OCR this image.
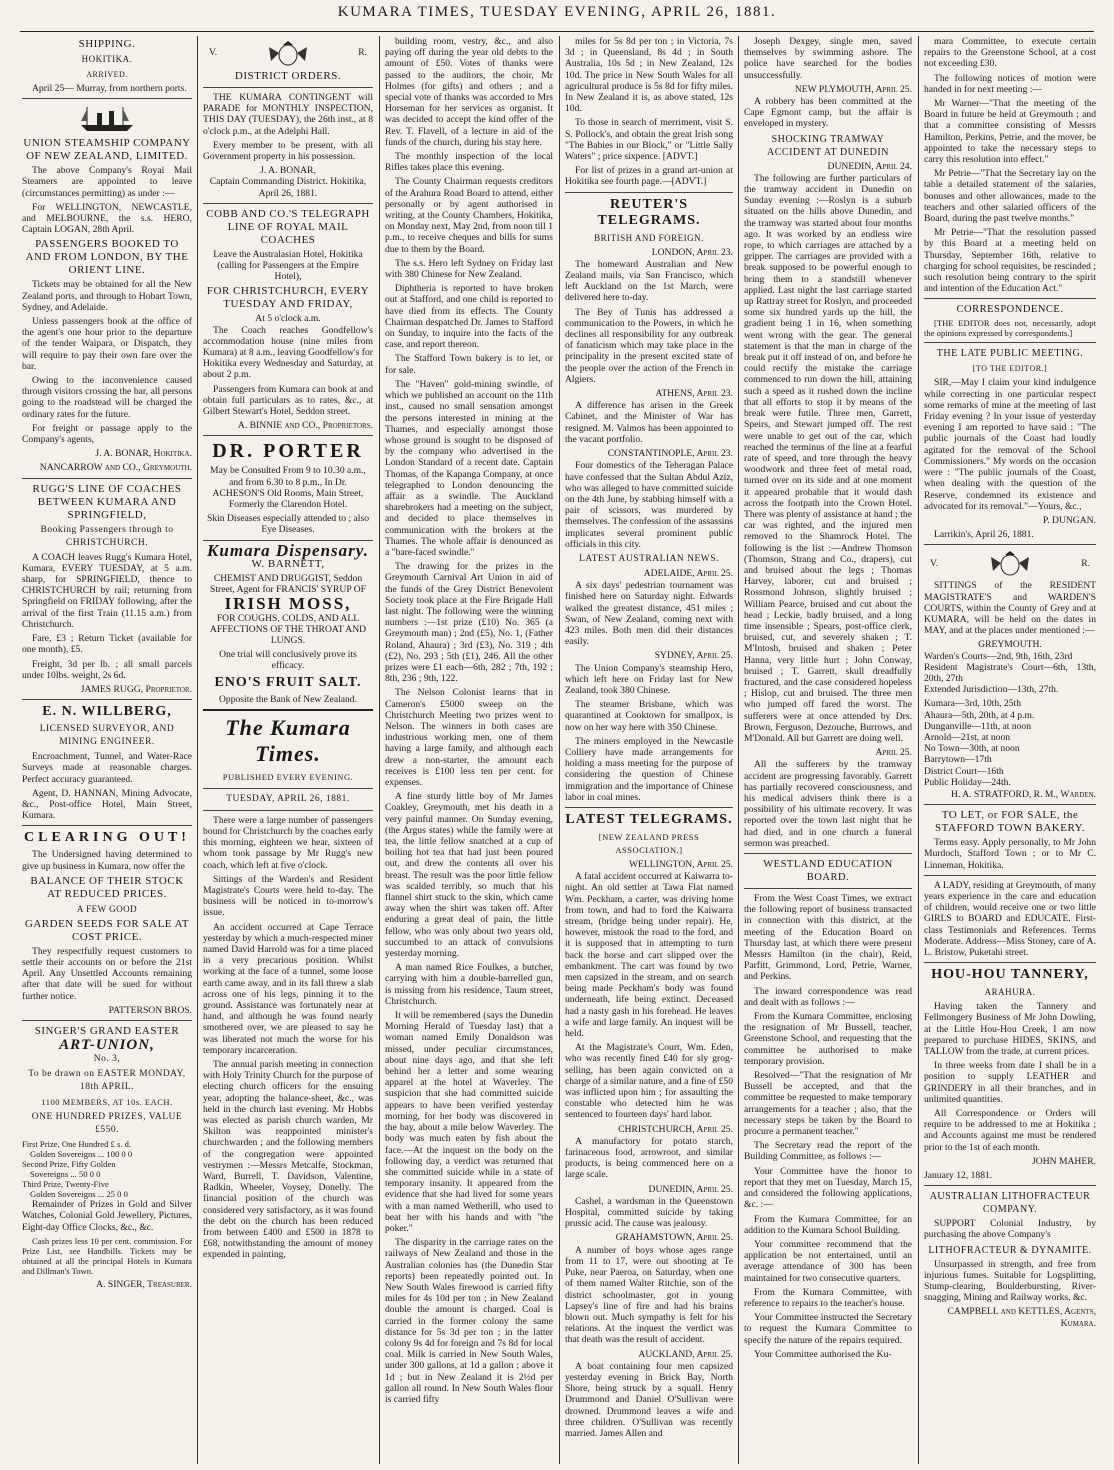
KUMARA TIMES, TUESDAY EVENING, APRIL 26, 1881.
SHIPPING.
HOKITIKA.
ARRIVED.

April 25— Murray, from northern ports.

UNION STEAMSHIP COMPANY OF NEW ZEALAND, LIMITED.

The above Company's Royal Mail Steamers are appointed to leave (circumstances permitting) as under :—

For WELLINGTON, NEWCASTLE, and MELBOURNE, the s.s. HERO, Captain LOGAN, 28th April.

PASSENGERS BOOKED TO AND FROM LONDON, BY THE ORIENT LINE.

Tickets may be obtained for all the New Zealand ports, and through to Hobart Town, Sydney, and Adelaide.

Unless passengers book at the office of the agent's one hour prior to the departure of the tender Waipara, or Dispatch, they will require to pay their own fare over the bar.

Owing to the inconvenience caused through visitors crossing the bar, all persons going to the roadstead will be charged the ordinary rates for the future.

For freight or passage apply to the Company's agents,

J. A. BONAR, Hokitika.
NANCARROW and CO., Greymouth.
RUGG'S LINE OF COACHES BETWEEN KUMARA AND SPRINGFIELD,
Booking Passengers through to CHRISTCHURCH.

A COACH leaves Rugg's Kumara Hotel, Kumara, EVERY TUESDAY, at 5 a.m. sharp, for SPRINGFIELD, thence to CHRISTCHURCH by rail; returning from Springfield on FRIDAY following, after the arrival of the first Train (11.15 a.m.) from Christchurch.

Fare, £3 ; Return Ticket (available for one month), £5.

Freight, 3d per lb. ; all small parcels under 10lbs. weight, 2s 6d.

JAMES RUGG, Proprietor.
E. N. WILLBERG,
LICENSED SURVEYOR, AND MINING ENGINEER.

Encroachment, Tunnel, and Water-Race Surveys made at reasonable charges. Perfect accuracy guaranteed.

Agent, D. HANNAN, Mining Advocate, &c., Post-office Hotel, Main Street, Kumara.

CLEARING OUT!

The Undersigned having determined to give up business in Kumara, now offer the

BALANCE OF THEIR STOCK AT REDUCED PRICES.
A FEW GOOD
GARDEN SEEDS FOR SALE AT COST PRICE.

They respectfully request customers to settle their accounts on or before the 21st April. Any Unsettled Accounts remaining after that date will be sued for without further notice.

PATTERSON BROS.
SINGER'S GRAND EASTER
ART-UNION,
No. 3,
To be drawn on EASTER MONDAY, 18th APRIL.
1100 MEMBERS, AT 10s. EACH.
ONE HUNDRED PRIZES, VALUE £550.
First Prize, One Hundred £ s. d.
Golden Sovereigns ... 100 0 0
Second Prize, Fifty Golden
Sovereigns ... 50 0 0
Third Prize, Twenty-Five
Golden Sovereigns ... 25 0 0

Remainder of Prizes in Gold and Silver Watches, Colonial Gold Jewellery, Pictures, Eight-day Office Clocks, &c., &c.

Cash prizes less 10 per cent. commission. For Prize List, see Handbills. Tickets may be obtained at all the principal Hotels in Kumara and Dillman's Town.

A. SINGER, Treasurer.
V.	R.
DISTRICT ORDERS.

THE KUMARA CONTINGENT will PARADE for MONTHLY INSPECTION, THIS DAY (TUESDAY), the 26th inst., at 8 o'clock p.m., at the Adelphi Hall.

Every member to be present, with all Government property in his possession.

J. A. BONAR,
Captain Commanding District. Hokitika, April 26, 1881.
COBB AND CO.'S TELEGRAPH LINE OF ROYAL MAIL COACHES

Leave the Australasian Hotel, Hokitika (calling for Passengers at the Empire Hotel),

FOR CHRISTCHURCH, EVERY TUESDAY AND FRIDAY,
At 5 o'clock a.m.

The Coach reaches Goodfellow's accommodation house (nine miles from Kumara) at 8 a.m., leaving Goodfellow's for Hokitika every Wednesday and Saturday, at about 2 p.m.

Passengers from Kumara can book at and obtain full particulars as to rates, &c., at Gilbert Stewart's Hotel, Seddon street.

A. BINNIE and CO., Proprietors.
DR. PORTER

May be Consulted From 9 to 10.30 a.m., and from 6.30 to 8 p.m., In Dr. ACHESON'S Old Rooms, Main Street, Formerly the Clarendon Hotel.

Skin Diseases especially attended to ; also Eye Diseases.

Kumara Dispensary.
W. BARNETT,

CHEMIST AND DRUGGIST, Seddon Street, Agent for FRANCIS' SYRUP OF

IRISH MOSS,

FOR COUGHS, COLDS, AND ALL AFFECTIONS OF THE THROAT AND LUNGS.

One trial will conclusively prove its efficacy.

ENO'S FRUIT SALT.

Opposite the Bank of New Zealand.

The Kumara Times.
PUBLISHED EVERY EVENING.
TUESDAY, APRIL 26, 1881.

There were a large number of passengers bound for Christchurch by the coaches early this morning, eighteen we hear, sixteen of whom took passage by Mr Rugg's new coach, which left at five o'clock.

Sittings of the Warden's and Resident Magistrate's Courts were held to-day. The business will be noticed in to-morrow's issue.

An accident occurred at Cape Terrace yesterday by which a much-respected miner named David Harrold was for a time placed in a very precarious position. Whilst working at the face of a tunnel, some loose earth came away, and in its fall threw a slab across one of his legs, pinning it to the ground. Assistance was fortunately near at hand, and although he was found nearly smothered over, we are pleased to say he was liberated not much the worse for his temporary incarceration.

The annual parish meeting in connection with Holy Trinity Church for the purpose of electing church officers for the ensuing year, adopting the balance-sheet, &c., was held in the church last evening. Mr Hobbs was elected as parish church warden, Mr Skilton was reappointed minister's churchwarden ; and the following members of the congregation were appointed vestrymen :—Messrs Metcalfe, Stockman, Ward, Burrell, T. Davidson, Valentine, Radkin, Wheeler, Voysey, Donelly. The financial position of the church was considered very satisfactory, as it was found the debt on the church has been reduced from between £400 and £500 in 1878 to £68, notwithstanding the amount of money expended in painting,

building room, vestry, &c., and also paying off during the year old debts to the amount of £50. Votes of thanks were passed to the auditors, the choir, Mr Holmes (for gifts) and others ; and a special vote of thanks was accorded to Mrs Horseman for her services as organist. It was decided to accept the kind offer of the Rev. T. Flavell, of a lecture in aid of the funds of the church, during his stay here.

The monthly inspection of the local Rifles takes place this evening.

The County Chairman requests creditors of the Arahura Road Board to attend, either personally or by agent authorised in writing, at the County Chambers, Hokitika, on Monday next, May 2nd, from noon till 1 p.m., to receive cheques and bills for sums due to them by the Board.

The s.s. Hero left Sydney on Friday last with 380 Chinese for New Zealand.

Diphtheria is reported to have broken out at Stafford, and one child is reported to have died from its effects. The County Chairman despatched Dr. James to Stafford on Sunday, to inquire into the facts of the case, and report thereon.

The Stafford Town bakery is to let, or for sale.

The "Haven" gold-mining swindle, of which we published an account on the 11th inst., caused no small sensation amongst the persons interested in mining at the Thames, and especially amongst those whose ground is sought to be disposed of by the company who advertised in the London Standard of a recent date. Captain Thomas, of the Kapanga Company, at once telegraphed to London denouncing the affair as a swindle. The Auckland sharebrokers had a meeting on the subject, and decided to place themselves in communication with the brokers at the Thames. The whole affair is denounced as a "bare-faced swindle."

The drawing for the prizes in the Greymouth Carnival Art Union in aid of the funds of the Grey District Benevolent Society took place at the Fire Brigade Hall last night. The following were the winning numbers :—1st prize (£10) No. 365 (a Greymouth man) ; 2nd (£5), No. 1, (Father Roland, Ahaura) ; 3rd (£3), No. 319 ; 4th (£2), No. 293 ; 5th (£1), 246. All the other prizes were £1 each—6th, 282 ; 7th, 192 ; 8th, 236 ; 9th, 122.

The Nelson Colonist learns that in Cameron's £5000 sweep on the Christchurch Meeting two prizes went to Nelson. The winners in both cases are industrious working men, one of them having a large family, and although each drew a non-starter, the amount each receives is £100 less ten per cent. for expenses.

A fine sturdy little boy of Mr James Coakley, Greymouth, met his death in a very painful manner. On Sunday evening, (the Argus states) while the family were at tea, the little fellow snatched at a cup of boiling hot tea that had just been poured out, and drew the contents all over his breast. The result was the poor little fellow was scalded terribly, so much that his flannel shirt stuck to the skin, which came away when the shirt was taken off. After enduring a great deal of pain, the little fellow, who was only about two years old, succumbed to an attack of convulsions yesterday morning.

A man named Rice Foulkes, a butcher, carrying with him a double-barrelled gun, is missing from his residence, Taum street, Christchurch.

It will be remembered (says the Dunedin Morning Herald of Tuesday last) that a woman named Emily Donaldson was missed, under peculiar circumstances, about nine days ago, and that she left behind her a letter and some wearing apparel at the hotel at Waverley. The suspicion that she had committed suicide appears to have been verified yesterday morning, for her body was discovered in the bay, about a mile below Waverley. The body was much eaten by fish about the face.—At the inquest on the body on the following day, a verdict was returned that she committed suicide while in a state of temporary insanity. It appeared from the evidence that she had lived for some years with a man named Wetherill, who used to beat her with his hands and with "the poker."

The disparity in the carriage rates on the railways of New Zealand and those in the Australian colonies has (the Dunedin Star reports) been repeatedly pointed out. In New South Wales firewood is carried fifty miles for 4s 10d per ton ; in New Zealand double the amount is charged. Coal is carried in the former colony the same distance for 5s 3d per ton ; in the latter colony 9s 4d for foreign and 7s 8d for local coal. Milk is carried in New South Wales, under 300 gallons, at 1d a gallon ; above it 1d ; but in New Zealand it is 2½d per gallon all round. In New South Wales flour is carried fifty

miles for 5s 8d per ton ; in Victoria, 7s 3d ; in Queensland, 8s 4d ; in South Australia, 10s 5d ; in New Zealand, 12s 10d. The price in New South Wales for all agricultural produce is 5s 8d for fifty miles. In New Zealand it is, as above stated, 12s 10d.

To those in search of merriment, visit S. S. Pollock's, and obtain the great Irish song "The Babies in our Block," or "Little Sally Waters" ; price sixpence. [ADVT.]

For list of prizes in a grand art-union at Hokitika see fourth page.—[ADVT.]

REUTER'S TELEGRAMS.
BRITISH AND FOREIGN.
LONDON, April 23.

The homeward Australian and New Zealand mails, via San Francisco, which left Auckland on the 1st March, were delivered here to-day.

The Bey of Tunis has addressed a communication to the Powers, in which he declines all responsibility for any outbreak of fanaticism which may take place in the principality in the present excited state of the people over the action of the French in Algiers.

ATHENS, April 23.

A difference has arisen in the Greek Cabinet, and the Minister of War has resigned. M. Valmos has been appointed to the vacant portfolio.

CONSTANTINOPLE, April 23.

Four domestics of the Teheragan Palace have confessed that the Sultan Abdul Aziz, who was alleged to have committed suicide on the 4th June, by stabbing himself with a pair of scissors, was murdered by themselves. The confession of the assassins implicates several prominent public officials in this city.

LATEST AUSTRALIAN NEWS.
ADELAIDE, April 25.

A six days' pedestrian tournament was finished here on Saturday night. Edwards walked the greatest distance, 451 miles ; Swan, of New Zealand, coming next with 423 miles. Both men did their distances easily.

SYDNEY, April 25.

The Union Company's steamship Hero, which left here on Friday last for New Zealand, took 380 Chinese.

The steamer Brisbane, which was quarantined at Cooktown for smallpox, is now on her way here with 350 Chinese.

The miners employed in the Newcastle Colliery have made arrangements for holding a mass meeting for the purpose of considering the question of Chinese immigration and the importance of Chinese labor in coal mines.

LATEST TELEGRAMS.
[NEW ZEALAND PRESS ASSOCIATION.]
WELLINGTON, April 25.

A fatal accident occurred at Kaiwarra to-night. An old settler at Tawa Flat named Wm. Peckham, a carter, was driving home from town, and had to ford the Kaiwarra stream, (bridge being under repair). He, however, mistook the road to the ford, and it is supposed that in attempting to turn back the horse and cart slipped over the embankment. The cart was found by two men capsized in the stream, and on search being made Peckham's body was found underneath, life being extinct. Deceased had a nasty gash in his forehead. He leaves a wife and large family. An inquest will be held.

At the Magistrate's Court, Wm. Eden, who was recently fined £40 for sly grog-selling, has been again convicted on a charge of a similar nature, and a fine of £50 was inflicted upon him ; for assaulting the constable who detected him he was sentenced to fourteen days' hard labor.

CHRISTCHURCH, April 25.

A manufactory for potato starch, farinaceous food, arrowroot, and similar products, is being commenced here on a large scale.

DUNEDIN, April 25.

Cashel, a wardsman in the Queenstown Hospital, committed suicide by taking prussic acid. The cause was jealousy.

GRAHAMSTOWN, April 25.

A number of boys whose ages range from 11 to 17, were out shooting at Te Puke, near Paeroa, on Saturday, when one of them named Walter Ritchie, son of the district schoolmaster, got in young Lapsey's line of fire and had his brains blown out. Much sympathy is felt for his relations. At the inquest the verdict was that death was the result of accident.

AUCKLAND, April 25.

A boat containing four men capsized yesterday evening in Brick Bay, North Shore, being struck by a squall. Henry Drummond and Daniel O'Sullivan were drowned. Drummond leaves a wife and three children. O'Sullivan was recently married. James Allen and

Joseph Dexgey, single men, saved themselves by swimming ashore. The police have searched for the bodies unsuccessfully.

NEW PLYMOUTH, April 25.

A robbery has been committed at the Cape Egmont camp, but the affair is enveloped in mystery.

SHOCKING TRAMWAY ACCIDENT AT DUNEDIN
DUNEDIN, April 24.

The following are further particulars of the tramway accident in Dunedin on Sunday evening :—Roslyn is a suburb situated on the hills above Dunedin, and the tramway was started about four months ago. It was worked by an endless wire rope, to which carriages are attached by a gripper. The carriages are provided with a break supposed to be powerful enough to bring them to a standstill whenever applied. Last night the last carriage started up Rattray street for Roslyn, and proceeded some six hundred yards up the hill, the gradient being 1 in 16, when something went wrong with the gear. The general statement is that the man in charge of the break put it off instead of on, and before he could rectify the mistake the carriage commenced to run down the hill, attaining such a speed as it rushed down the incline that all efforts to stop it by means of the break were futile. Three men, Garrett, Speirs, and Stewart jumped off. The rest were unable to get out of the car, which reached the terminus of the line at a fearful rate of speed, and tore through the heavy woodwork and three feet of metal road, turned over on its side and at one moment it appeared probable that it would dash across the footpath into the Crown Hotel. There was plenty of assistance at hand ; the car was righted, and the injured men removed to the Shamrock Hotel. The following is the list :—Andrew Thomson (Thomson, Strang and Co., drapers), cut and bruised about the legs ; Thomas Harvey, laborer, cut and bruised ; Rossmond Johnson, slightly bruised ; William Pearce, bruised and cut about the head ; Leckie, badly bruised, and a long time insensible ; Spears, post-office clerk, bruised, cut, and severely shaken ; T. M'Intosh, bruised and shaken ; Peter Hanna, very little hurt ; John Conway, bruised ; T. Garrett, skull dreadfully fractured, and the case considered hopeless ; Hislop, cut and bruised. The three men who jumped off fared the worst. The sufferers were at once attended by Drs. Brown, Ferguson, Dezouche, Burrows, and M'Donald. All but Garrett are doing well.

April 25.

All the sufferers by the tramway accident are progressing favorably. Garrett has partially recovered consciousness, and his medical advisers think there is a possibility of his ultimate recovery. It was reported over the town last night that he had died, and in one church a funeral sermon was preached.

WESTLAND EDUCATION BOARD.

From the West Coast Times, we extract the following report of business transacted in connection with this district, at the meeting of the Education Board on Thursday last, at which there were present Messrs Hamilton (in the chair), Reid, Parfitt, Grimmond, Lord, Petrie, Warner, and Perkins.

The inward correspondence was read and dealt with as follows :—

From the Kumara Committee, enclosing the resignation of Mr Bussell, teacher, Greenstone School, and requesting that the committee be authorised to make temporary provision.

Resolved—"That the resignation of Mr Bussell be accepted, and that the committee be requested to make temporary arrangements for a teacher ; also, that the necessary steps be taken by the Board to procure a permanent teacher."

The Secretary read the report of the Building Committee, as follows :—

Your Committee have the honor to report that they met on Tuesday, March 15, and considered the following applications, &c. :—

From the Kumara Committee, for an addition to the Kumara School Building.

Your committee recommend that the application be not entertained, until an average attendance of 300 has been maintained for two consecutive quarters.

From the Kumara Committee, with reference to repairs to the teacher's house.

Your Committee instructed the Secretary to request the Kumara Committee to specify the nature of the repairs required.

Your Committee authorised the Ku-

mara Committee, to execute certain repairs to the Greenstone School, at a cost not exceeding £30.

The following notices of motion were handed in for next meeting :—

Mr Warner—"That the meeting of the Board in future be held at Greymouth ; and that a committee consisting of Messrs Hamilton, Perkins, Petrie, and the mover, be appointed to take the necessary steps to carry this resolution into effect."

Mr Petrie—"That the Secretary lay on the table a detailed statement of the salaries, bonuses and other allowances, made to the teachers and other salaried officers of the Board, during the past twelve months."

Mr Petrie—"That the resolution passed by this Board at a meeting held on Thursday, September 16th, relative to charging for school requisites, be rescinded ; such resolution being contrary to the spirit and intention of the Education Act."

CORRESPONDENCE.

[THE EDITOR does not, necessarily, adopt the opinions expressed by correspondents.]

THE LATE PUBLIC MEETING.
[TO THE EDITOR.]

SIR,—May I claim your kind indulgence while correcting in one particular respect some remarks of mine at the meeting of last Friday evening ? In your issue of yesterday evening I am reported to have said : "The public journals of the Coast had loudly agitated for the removal of the School Commissioners." My words on the occasion were : "The public journals of the Coast, when dealing with the question of the Reserve, condemned its existence and advocated for its removal."—Yours, &c.,

P. DUNGAN.

Larrikin's, April 26, 1881.

V.	R.

SITTINGS of the RESIDENT MAGISTRATE'S and WARDEN'S COURTS, within the County of Grey and at KUMARA, will be held on the dates in MAY, and at the places under mentioned :—

GREYMOUTH.
Warden's Courts—2nd, 9th, 16th, 23rd
Resident Magistrate's Court—6th, 13th, 20th, 27th
Extended Jurisdiction—13th, 27th.
Kumara—3rd, 10th, 25th
Ahaura—5th, 20th, at 4 p.m.
Dunganville—11th, at noon
Arnold—21st, at noon
No Town—30th, at noon
Barrytown—17th
District Court—16th
Public Holiday—24th.
H. A. STRATFORD, R. M., Warden.
TO LET, or FOR SALE, the STAFFORD TOWN BAKERY.

Terms easy. Apply personally, to Mr John Murdoch, Stafford Town ; or to Mr C. Linneman, Hokitika.

A LADY, residing at Greymouth, of many years experience in the care and education of children, would receive one or two little GIRLS to BOARD and EDUCATE. First-class Testimonials and References. Terms Moderate. Address—Miss Stoney, care of A. L. Bristow, Puketahi street.

HOU-HOU TANNERY,
ARAHURA.

Having taken the Tannery and Fellmongery Business of Mr John Dowling, at the Little Hou-Hou Creek, I am now prepared to purchase HIDES, SKINS, and TALLOW from the trade, at current prices.

In three weeks from date I shall be in a position to supply LEATHER and GRINDERY in all their branches, and in unlimited quantities.

All Correspondence or Orders will require to be addressed to me at Hokitika ; and Accounts against me must be rendered prior to the 1st of each month.

JOHN MAHER.
January 12, 1881.
AUSTRALIAN LITHOFRACTEUR COMPANY.

SUPPORT Colonial Industry, by purchasing the above Company's

LITHOFRACTEUR & DYNAMITE.

Unsurpassed in strength, and free from injurious fumes. Suitable for Logsplitting, Stump-clearing, Boulderbursting, River-snagging, Mining and Railway works, &c.

CAMPBELL and KETTLES, Agents, Kumara.
